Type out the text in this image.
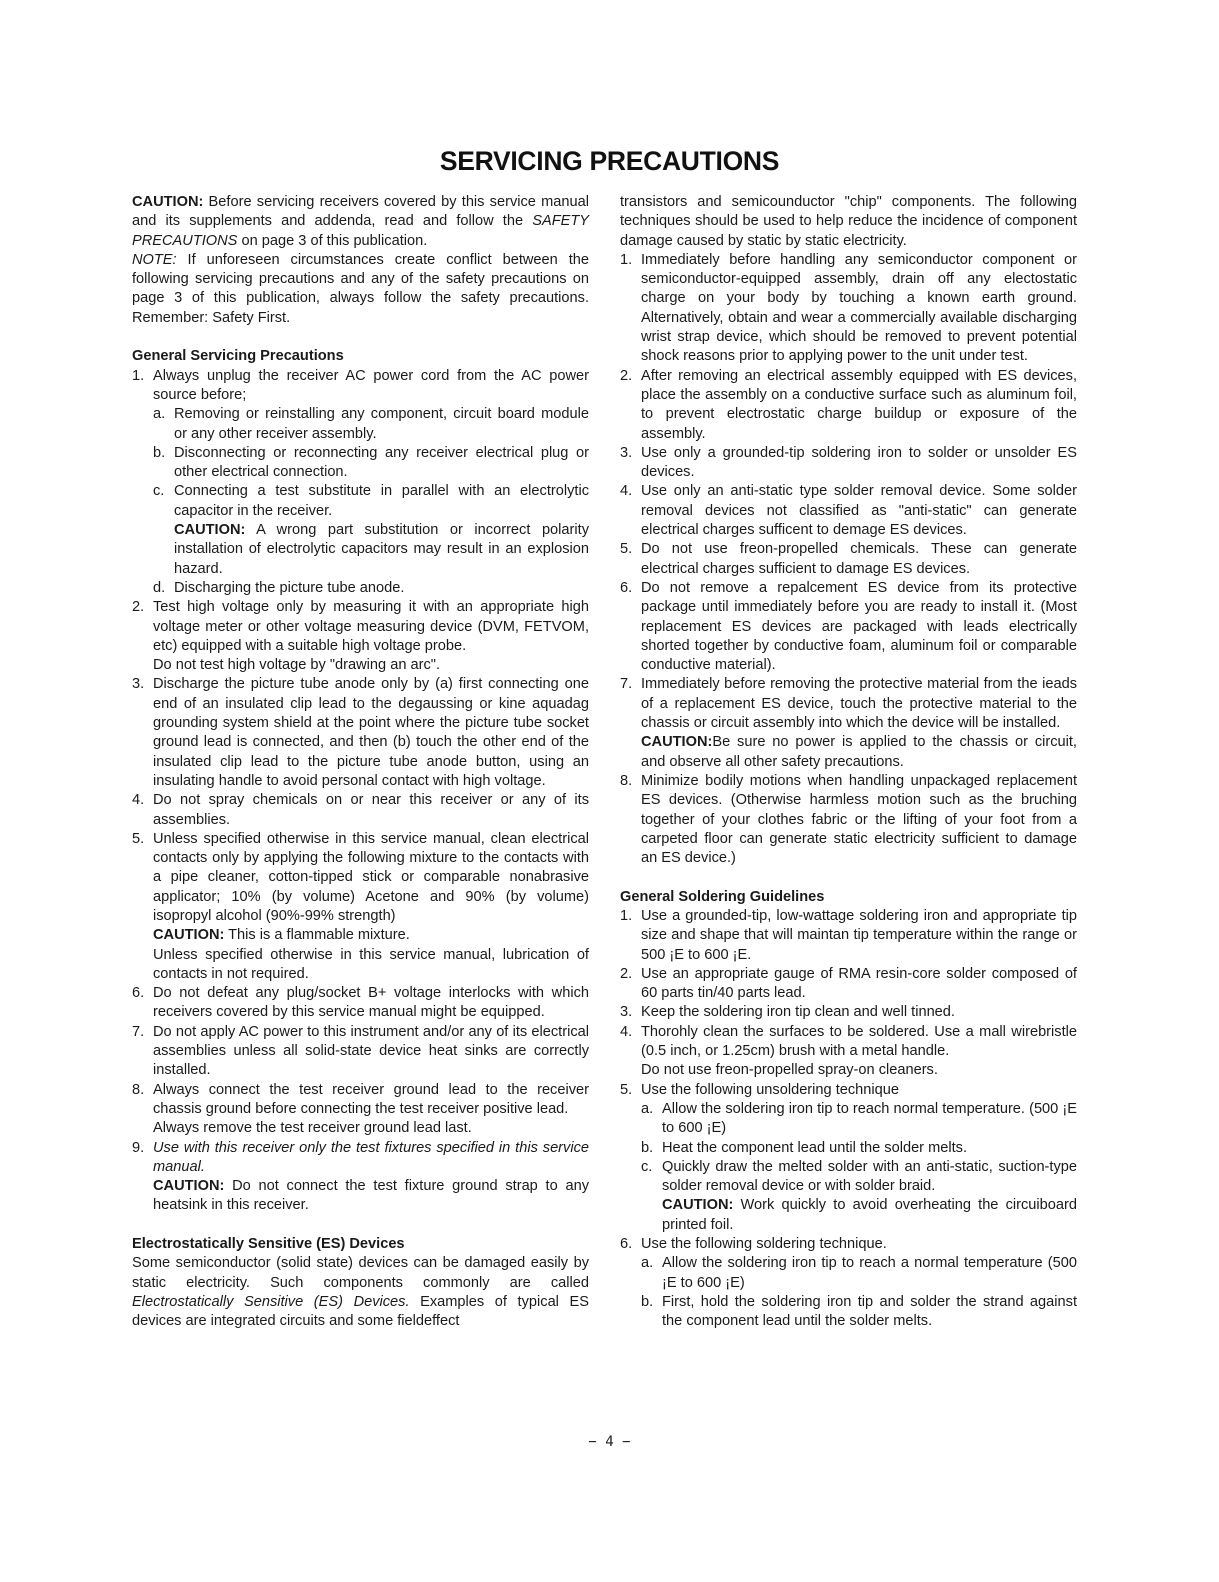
SERVICING PRECAUTIONS

CAUTION: Before servicing receivers covered by this service manual and its supplements and addenda, read and follow the SAFETY PRECAUTIONS on page 3 of this publication.

NOTE: If unforeseen circumstances create conflict between the following servicing precautions and any of the safety precautions on page 3 of this publication, always follow the safety precautions. Remember: Safety First.

General Servicing Precautions
1. Always unplug the receiver AC power cord from the AC power source before;
a. Removing or reinstalling any component, circuit board module or any other receiver assembly.
b. Disconnecting or reconnecting any receiver electrical plug or other electrical connection.
c. Connecting a test substitute in parallel with an electrolytic capacitor in the receiver.
CAUTION: A wrong part substitution or incorrect polarity installation of electrolytic capacitors may result in an explosion hazard.
d. Discharging the picture tube anode.
2. Test high voltage only by measuring it with an appropriate high voltage meter or other voltage measuring device (DVM, FETVOM, etc) equipped with a suitable high voltage probe.
Do not test high voltage by "drawing an arc".
3. Discharge the picture tube anode only by (a) first connecting one end of an insulated clip lead to the degaussing or kine aquadag grounding system shield at the point where the picture tube socket ground lead is connected, and then (b) touch the other end of the insulated clip lead to the picture tube anode button, using an insulating handle to avoid personal contact with high voltage.
4. Do not spray chemicals on or near this receiver or any of its assemblies.
5. Unless specified otherwise in this service manual, clean electrical contacts only by applying the following mixture to the contacts with a pipe cleaner, cotton-tipped stick or comparable nonabrasive applicator; 10% (by volume) Acetone and 90% (by volume) isopropyl alcohol (90%-99% strength)
CAUTION: This is a flammable mixture.
Unless specified otherwise in this service manual, lubrication of contacts in not required.
6. Do not defeat any plug/socket B+ voltage interlocks with which receivers covered by this service manual might be equipped.
7. Do not apply AC power to this instrument and/or any of its electrical assemblies unless all solid-state device heat sinks are correctly installed.
8. Always connect the test receiver ground lead to the receiver chassis ground before connecting the test receiver positive lead.
Always remove the test receiver ground lead last.
9. Use with this receiver only the test fixtures specified in this service manual.
CAUTION: Do not connect the test fixture ground strap to any heatsink in this receiver.
Electrostatically Sensitive (ES) Devices

Some semiconductor (solid state) devices can be damaged easily by static electricity. Such components commonly are called Electrostatically Sensitive (ES) Devices. Examples of typical ES devices are integrated circuits and some fieldeffect

transistors and semicounductor "chip" components. The following techniques should be used to help reduce the incidence of component damage caused by static by static electricity.

1. Immediately before handling any semiconductor component or semiconductor-equipped assembly, drain off any electostatic charge on your body by touching a known earth ground. Alternatively, obtain and wear a commercially available discharging wrist strap device, which should be removed to prevent potential shock reasons prior to applying power to the unit under test.
2. After removing an electrical assembly equipped with ES devices, place the assembly on a conductive surface such as aluminum foil, to prevent electrostatic charge buildup or exposure of the assembly.
3. Use only a grounded-tip soldering iron to solder or unsolder ES devices.
4. Use only an anti-static type solder removal device. Some solder removal devices not classified as "anti-static" can generate electrical charges sufficent to demage ES devices.
5. Do not use freon-propelled chemicals. These can generate electrical charges sufficient to damage ES devices.
6. Do not remove a repalcement ES device from its protective package until immediately before you are ready to install it. (Most replacement ES devices are packaged with leads electrically shorted together by conductive foam, aluminum foil or comparable conductive material).
7. Immediately before removing the protective material from the ieads of a replacement ES device, touch the protective material to the chassis or circuit assembly into which the device will be installed.
CAUTION:Be sure no power is applied to the chassis or circuit, and observe all other safety precautions.
8. Minimize bodily motions when handling unpackaged replacement ES devices. (Otherwise harmless motion such as the bruching together of your clothes fabric or the lifting of your foot from a carpeted floor can generate static electricity sufficient to damage an ES device.)
General Soldering Guidelines
1. Use a grounded-tip, low-wattage soldering iron and appropriate tip size and shape that will maintan tip temperature within the range or 500 ¡E to 600 ¡E.
2. Use an appropriate gauge of RMA resin-core solder composed of 60 parts tin/40 parts lead.
3. Keep the soldering iron tip clean and well tinned.
4. Thorohly clean the surfaces to be soldered. Use a mall wirebristle (0.5 inch, or 1.25cm) brush with a metal handle.
Do not use freon-propelled spray-on cleaners.
5. Use the following unsoldering technique
a. Allow the soldering iron tip to reach normal temperature. (500 ¡E to 600 ¡E)
b. Heat the component lead until the solder melts.
c. Quickly draw the melted solder with an anti-static, suction-type solder removal device or with solder braid.
CAUTION: Work quickly to avoid overheating the circuiboard printed foil.
6. Use the following soldering technique.
a. Allow the soldering iron tip to reach a normal temperature (500 ¡E to 600 ¡E)
b. First, hold the soldering iron tip and solder the strand against the component lead until the solder melts.
− 4 −
